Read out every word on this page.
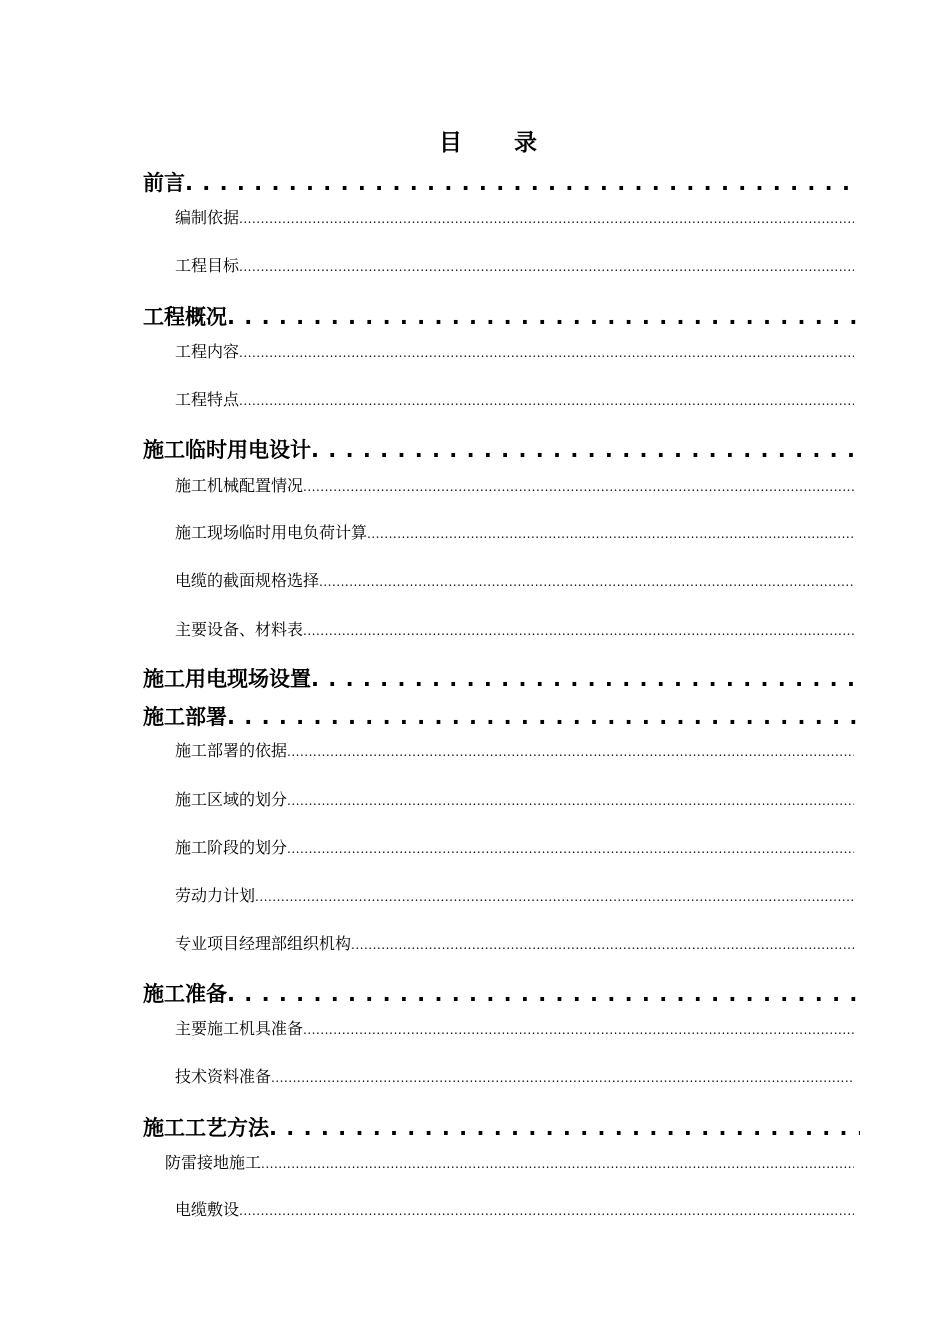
目 录
前言
. . .
编制依据
.....
工程目标
.....
工程概况
. . .
工程内容
.....
工程特点
.....
施工临时用电设计
. . .
施工机械配置情况
.....
施工现场临时用电负荷计算
.....
电缆的截面规格选择
.....
主要设备、材料表
.....
施工用电现场设置
. . .
施工部署
. . .
施工部署的依据
.....
施工区域的划分
.....
施工阶段的划分
.....
劳动力计划
.....
专业项目经理部组织机构
.....
施工准备
. . .
主要施工机具准备
.....
技术资料准备
.....
施工工艺方法
. . .
防雷接地施工
.....
电缆敷设
.....
